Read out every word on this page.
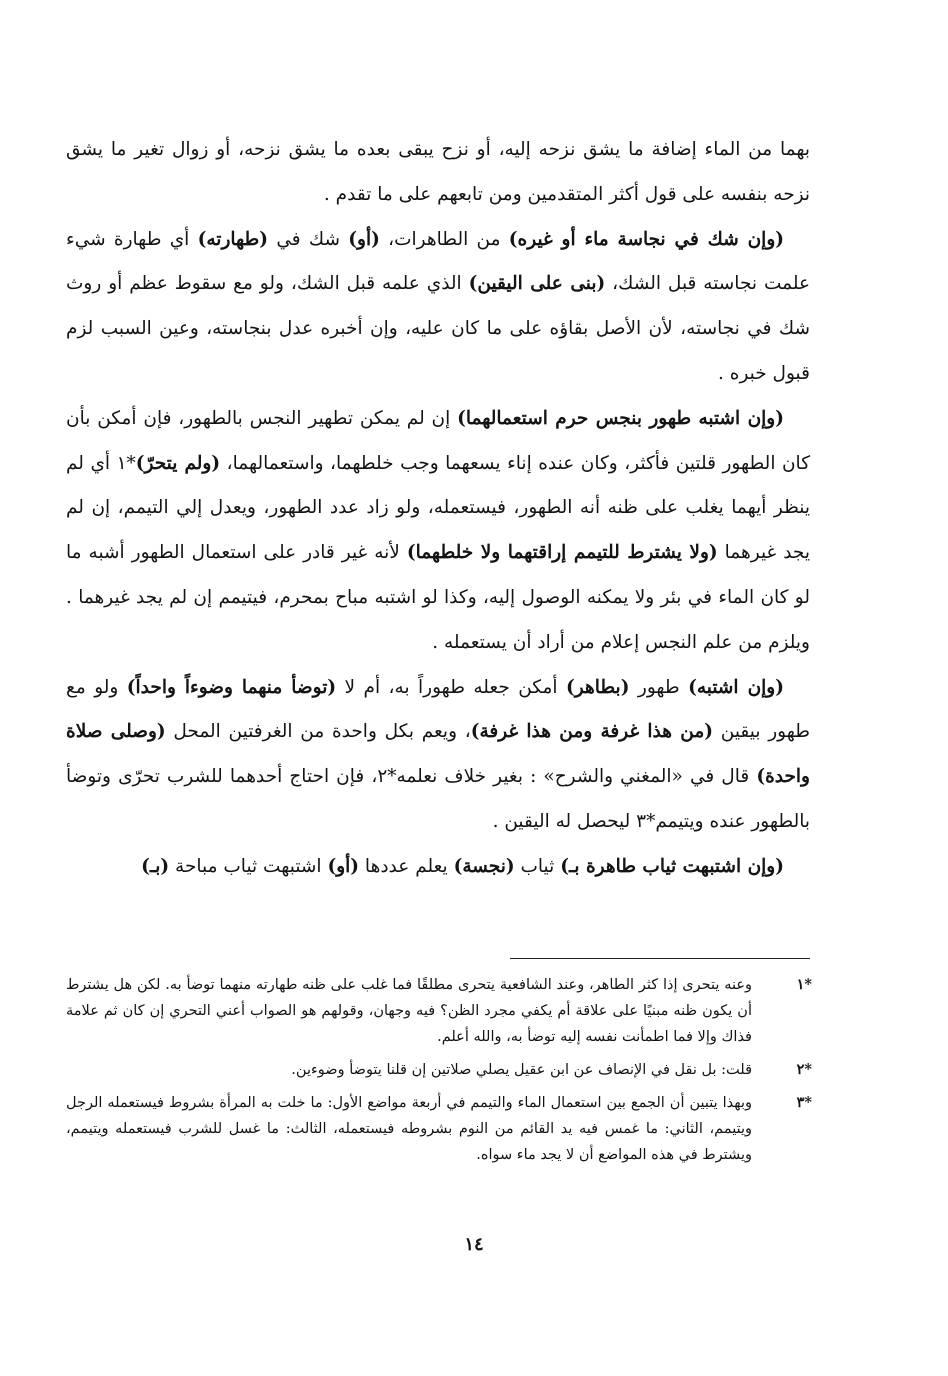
بهما من الماء إضافة ما يشق نزحه إليه، أو نزح يبقى بعده ما يشق نزحه، أو زوال تغير ما يشق نزحه بنفسه على قول أكثر المتقدمين ومن تابعهم على ما تقدم .

(وإن شك في نجاسة ماء أو غيره) من الطاهرات، (أو) شك في (طهارته) أي طهارة شيء علمت نجاسته قبل الشك، (بنى على اليقين) الذي علمه قبل الشك، ولو مع سقوط عظم أو روث شك في نجاسته، لأن الأصل بقاؤه على ما كان عليه، وإن أخبره عدل بنجاسته، وعين السبب لزم قبول خبره .

(وإن اشتبه طهور بنجس حرم استعمالهما) إن لم يمكن تطهير النجس بالطهور، فإن أمكن بأن كان الطهور قلتين فأكثر، وكان عنده إناء يسعهما وجب خلطهما، واستعمالهما، (ولم يتحرّ)*١ أي لم ينظر أيهما يغلب على ظنه أنه الطهور، فيستعمله، ولو زاد عدد الطهور، ويعدل إلي التيمم، إن لم يجد غيرهما (ولا يشترط للتيمم إراقتهما ولا خلطهما) لأنه غير قادر على استعمال الطهور أشبه ما لو كان الماء في بئر ولا يمكنه الوصول إليه، وكذا لو اشتبه مباح بمحرم، فيتيمم إن لم يجد غيرهما . ويلزم من علم النجس إعلام من أراد أن يستعمله .

(وإن اشتبه) طهور (بطاهر) أمكن جعله طهوراً به، أم لا (توضأ منهما وضوءاً واحداً) ولو مع طهور بيقين (من هذا غرفة ومن هذا غرفة)، ويعم بكل واحدة من الغرفتين المحل (وصلى صلاة واحدة) قال في «المغني والشرح» : بغير خلاف نعلمه*٢، فإن احتاج أحدهما للشرب تحرّى وتوضأ بالطهور عنده ويتيمم*٣ ليحصل له اليقين .

(وإن اشتبهت ثياب طاهرة بـ) ثياب (نجسة) يعلم عددها (أو) اشتبهت ثياب مباحة (بـ)

*١
وعنه يتحرى إذا كثر الطاهر، وعند الشافعية يتحرى مطلقًا فما غلب على ظنه طهارته منهما توضأ به. لكن هل يشترط أن يكون ظنه مبنيًا على علاقة أم يكفي مجرد الظن؟ فيه وجهان، وقولهم هو الصواب أعني التحري إن كان ثم علامة فذاك وإلا فما اطمأنت نفسه إليه توضأ به، والله أعلم.
*٢
قلت: بل نقل في الإنصاف عن ابن عقيل يصلي صلاتين إن قلنا يتوضأ وضوءين.
*٣
وبهذا يتبين أن الجمع بين استعمال الماء والتيمم في أربعة مواضع الأول: ما خلت به المرأة بشروط فيستعمله الرجل ويتيمم، الثاني: ما غمس فيه يد القائم من النوم بشروطه فيستعمله، الثالث: ما غسل للشرب فيستعمله ويتيمم، ويشترط في هذه المواضع أن لا يجد ماء سواه.
١٤
